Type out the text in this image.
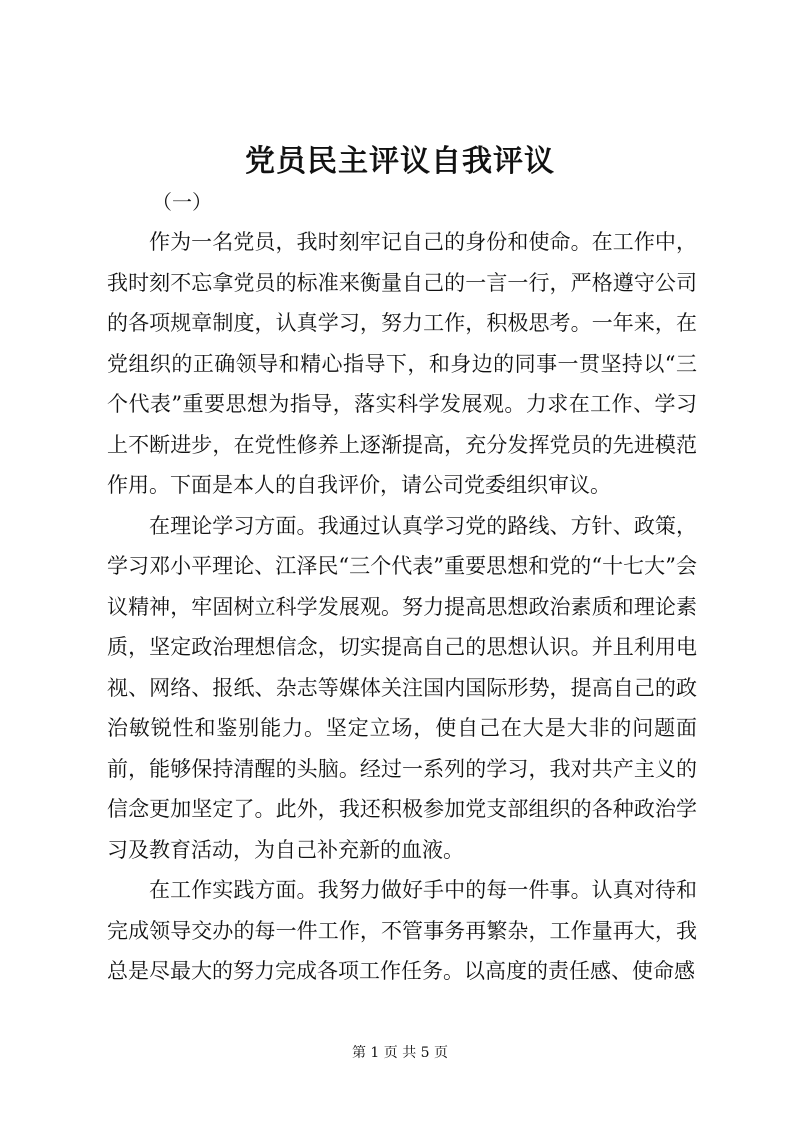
党员民主评议自我评议
（一）

作为一名党员，我时刻牢记自己的身份和使命。在工作中，我时刻不忘拿党员的标准来衡量自己的一言一行，严格遵守公司的各项规章制度，认真学习，努力工作，积极思考。一年来，在党组织的正确领导和精心指导下，和身边的同事一贯坚持以“三个代表”重要思想为指导，落实科学发展观。力求在工作、学习上不断进步，在党性修养上逐渐提高，充分发挥党员的先进模范作用。下面是本人的自我评价，请公司党委组织审议。

在理论学习方面。我通过认真学习党的路线、方针、政策，学习邓小平理论、江泽民“三个代表”重要思想和党的“十七大”会议精神，牢固树立科学发展观。努力提高思想政治素质和理论素质，坚定政治理想信念，切实提高自己的思想认识。并且利用电视、网络、报纸、杂志等媒体关注国内国际形势，提高自己的政治敏锐性和鉴别能力。坚定立场，使自己在大是大非的问题面前，能够保持清醒的头脑。经过一系列的学习，我对共产主义的信念更加坚定了。此外，我还积极参加党支部组织的各种政治学习及教育活动，为自己补充新的血液。

在工作实践方面。我努力做好手中的每一件事。认真对待和完成领导交办的每一件工作，不管事务再繁杂，工作量再大，我总是尽最大的努力完成各项工作任务。以高度的责任感、使命感

第 1 页 共 5 页
